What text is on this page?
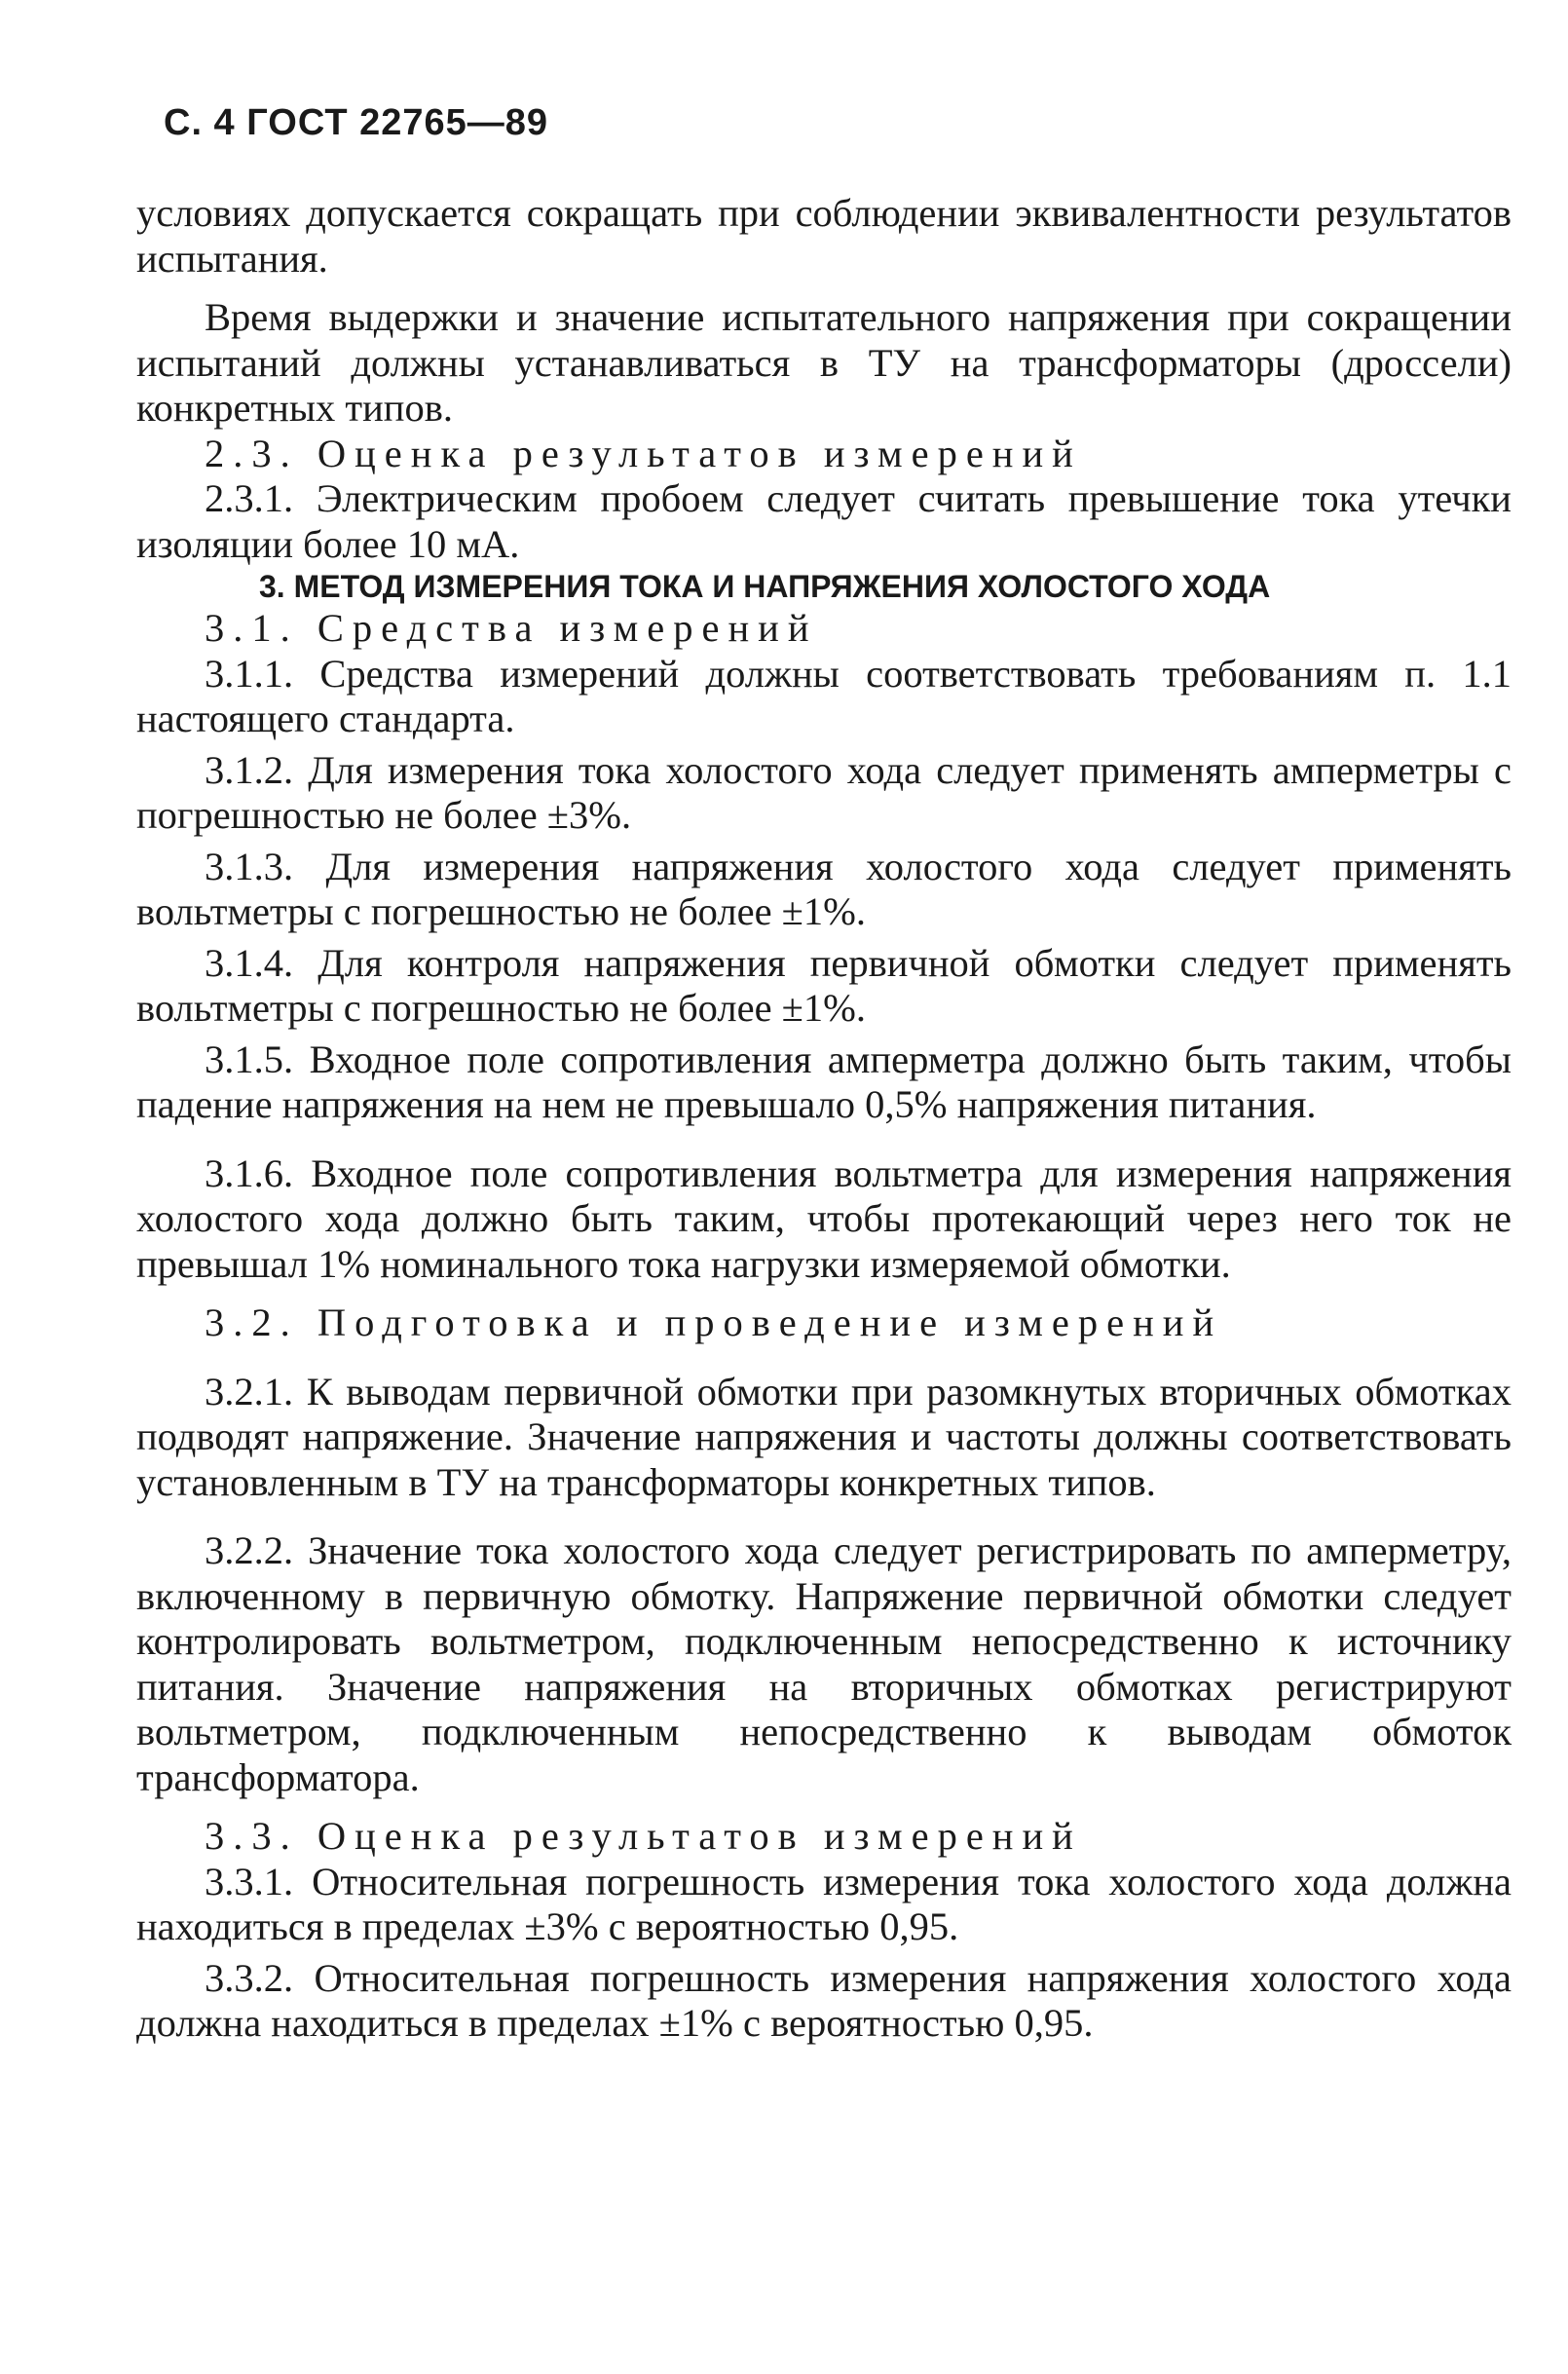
С. 4 ГОСТ 22765—89

условиях допускается сокращать при соблюдении эквивалентности результатов испытания.

Время выдержки и значение испытательного напряжения при сокращении испытаний должны устанавливаться в ТУ на трансформаторы (дроссели) конкретных типов.

2.3. Оценка результатов измерений

2.3.1. Электрическим пробоем следует считать превышение тока утечки изоляции более 10 мА.

3. МЕТОД ИЗМЕРЕНИЯ ТОКА И НАПРЯЖЕНИЯ ХОЛОСТОГО ХОДА

3.1. Средства измерений

3.1.1. Средства измерений должны соответствовать требованиям п. 1.1 настоящего стандарта.

3.1.2. Для измерения тока холостого хода следует применять амперметры с погрешностью не более ±3%.

3.1.3. Для измерения напряжения холостого хода следует применять вольтметры с погрешностью не более ±1%.

3.1.4. Для контроля напряжения первичной обмотки следует применять вольтметры с погрешностью не более ±1%.

3.1.5. Входное поле сопротивления амперметра должно быть таким, чтобы падение напряжения на нем не превышало 0,5% напряжения питания.

3.1.6. Входное поле сопротивления вольтметра для измерения напряжения холостого хода должно быть таким, чтобы протекающий через него ток не превышал 1% номинального тока нагрузки измеряемой обмотки.

3.2. Подготовка и проведение измерений

3.2.1. К выводам первичной обмотки при разомкнутых вторичных обмотках подводят напряжение. Значение напряжения и частоты должны соответствовать установленным в ТУ на трансформаторы конкретных типов.

3.2.2. Значение тока холостого хода следует регистрировать по амперметру, включенному в первичную обмотку. Напряжение первичной обмотки следует контролировать вольтметром, подключенным непосредственно к источнику питания. Значение напряжения на вторичных обмотках регистрируют вольтметром, подключенным непосредственно к выводам обмоток трансформатора.

3.3. Оценка результатов измерений

3.3.1. Относительная погрешность измерения тока холостого хода должна находиться в пределах ±3% с вероятностью 0,95.

3.3.2. Относительная погрешность измерения напряжения холостого хода должна находиться в пределах ±1% с вероятностью 0,95.
